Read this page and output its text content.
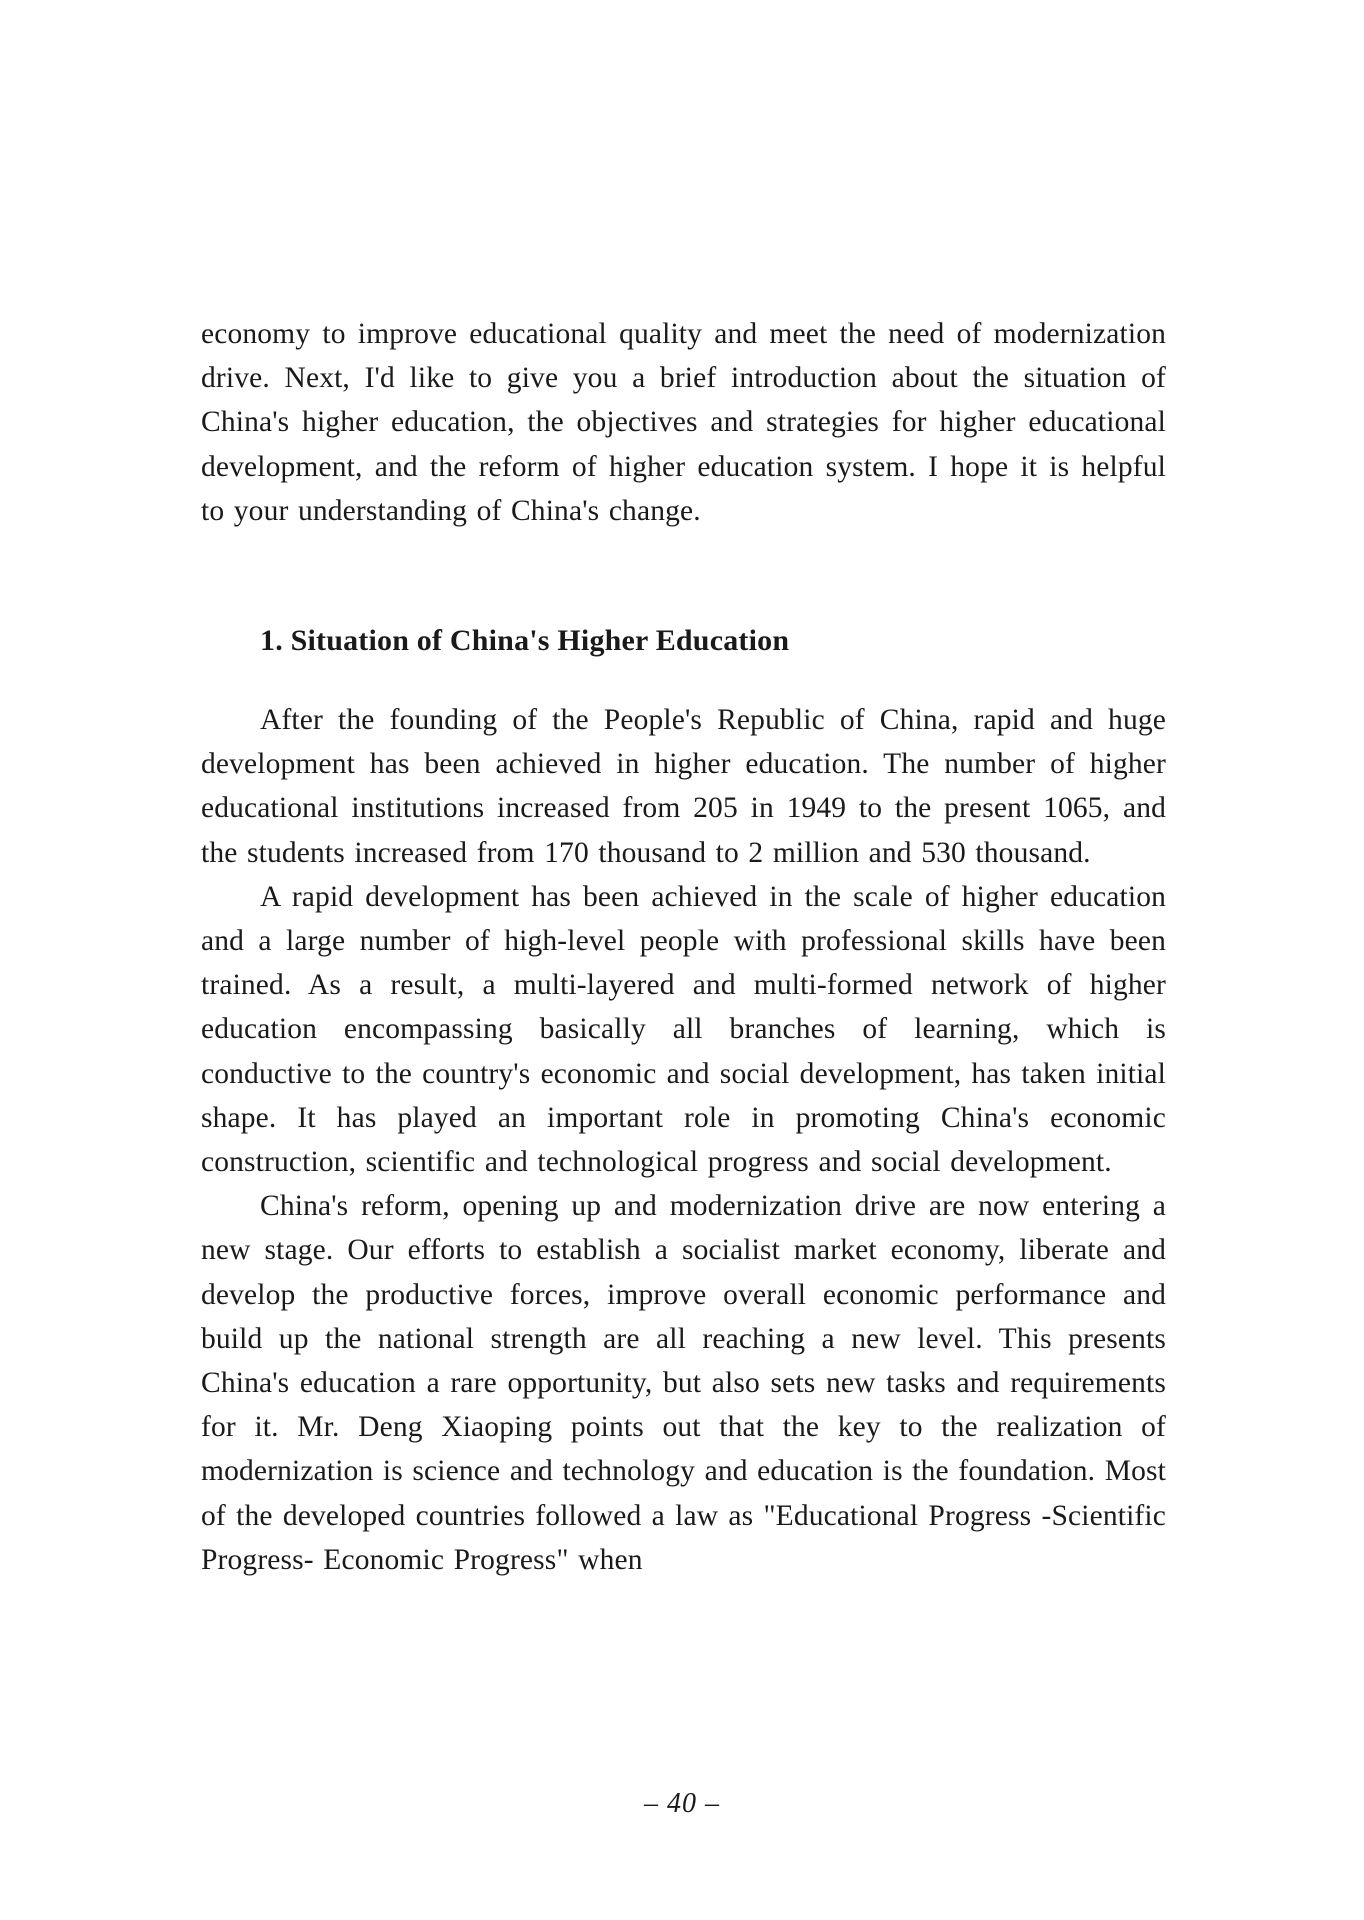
economy to improve educational quality and meet the need of modernization drive. Next, I'd like to give you a brief introduction about the situation of China's higher education, the objectives and strategies for higher educational development, and the reform of higher education system. I hope it is helpful to your understanding of China's change.

1. Situation of China's Higher Education

After the founding of the People's Republic of China, rapid and huge development has been achieved in higher education. The number of higher educational institutions increased from 205 in 1949 to the present 1065, and the students increased from 170 thousand to 2 million and 530 thousand.

A rapid development has been achieved in the scale of higher education and a large number of high-level people with professional skills have been trained. As a result, a multi-layered and multi-formed network of higher education encompassing basically all branches of learning, which is conductive to the country's economic and social development, has taken initial shape. It has played an important role in promoting China's economic construction, scientific and technological progress and social development.

China's reform, opening up and modernization drive are now entering a new stage. Our efforts to establish a socialist market economy, liberate and develop the productive forces, improve overall economic performance and build up the national strength are all reaching a new level. This presents China's education a rare opportunity, but also sets new tasks and requirements for it. Mr. Deng Xiaoping points out that the key to the realization of modernization is science and technology and education is the foundation. Most of the developed countries followed a law as "Educational Progress -Scientific Progress- Economic Progress" when

– 40 –
